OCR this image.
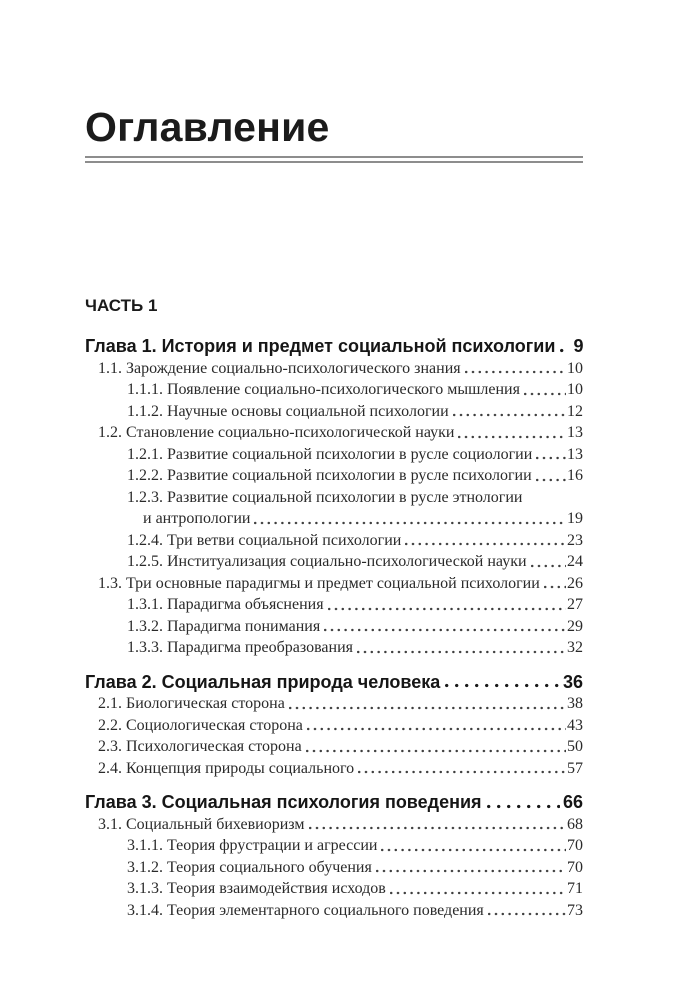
Оглавление
ЧАСТЬ 1
Глава 1. История и предмет социальной психологии 9
1.1. Зарождение социально-психологического знания	10
1.1.1. Появление социально-психологического мышления	10
1.1.2. Научные основы социальной психологии	12
1.2. Становление социально-психологической науки	13
1.2.1. Развитие социальной психологии в русле социологии 13
1.2.2. Развитие социальной психологии в русле психологии 16
1.2.3. Развитие социальной психологии в русле этнологии
и антропологии	19
1.2.4. Три ветви социальной психологии	23
1.2.5. Институализация социально-психологической науки	24
1.3. Три основные парадигмы и предмет социальной психологии 26
1.3.1. Парадигма объяснения	27
1.3.2. Парадигма понимания	29
1.3.3. Парадигма преобразования	32
Глава 2. Социальная природа человека	36
2.1. Биологическая сторона	38
2.2. Социологическая сторона	43
2.3. Психологическая сторона	50
2.4. Концепция природы социального	57
Глава 3. Социальная психология поведения	66
3.1. Социальный бихевиоризм	68
3.1.1. Теория фрустрации и агрессии	70
3.1.2. Теория социального обучения	70
3.1.3. Теория взаимодействия исходов	71
3.1.4. Теория элементарного социального поведения	73
